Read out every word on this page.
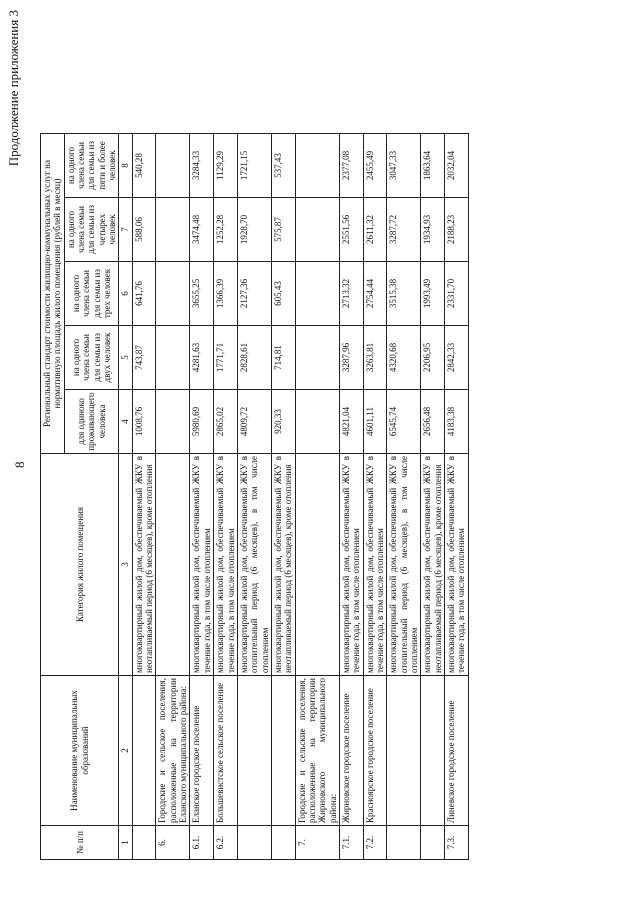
8
Продолжение приложения 3
№ п/п	Наименование муниципальных образований	Категория жилого помещения	Региональный стандарт стоимости жилищно-коммунальных услуг на нормативную площадь жилого помещения (рублей в месяц)				
			для одиноко проживающего человека	на одного члена семьи для семьи из двух человек	на одного члена семьи для семьи из трех человек	на одного члена семьи для семьи из четырех человек	на одного члена семьи для семьи из пяти и более человек
1	2	3	4	5	6	7	8
		многоквартирный жилой дом, обеспечиваемый ЖКУ в неотапливаемый период (6 месяцев), кроме отопления	1008,76	743,87	641,76	588,06	540,28
6.	Городские и сельское поселения, расположенные на территории Еланского муниципального района:						
6.1.	Еланское городское поселение	многоквартирный жилой дом, обеспечиваемый ЖКУ в течение года, в том числе отоплением	5980,69	4281,63	3655,25	3474,48	3284,33
6.2.	Большевистское сельское поселение	многоквартирный жилой дом, обеспечиваемый ЖКУ в течение года, в том числе отоплением	2865,02	1771,71	1366,39	1252,28	1129,29
		многоквартирный жилой дом, обеспечиваемый ЖКУ в отопительный период (6 месяцев), в том числе отоплением	4809,72	2828,61	2127,36	1928,70	1721,15
		многоквартирный жилой дом, обеспечиваемый ЖКУ в неотапливаемый период (6 месяцев), кроме отопления	920,33	714,81	605,43	575,87	537,43
7.	Городские и сельские поселения, расположенные на территории Жирновского муниципального района:						
7.1.	Жирновское городское поселение	многоквартирный жилой дом, обеспечиваемый ЖКУ в течение года, в том числе отоплением	4821,04	3287,96	2713,32	2551,56	2377,08
7.2.	Красноярское городское поселение	многоквартирный жилой дом, обеспечиваемый ЖКУ в течение года, в том числе отоплением	4601,11	3263,81	2754,44	2611,32	2455,49
		многоквартирный жилой дом, обеспечиваемый ЖКУ в отопительный период (6 месяцев), в том числе отоплением	6545,74	4320,68	3515,38	3287,72	3047,33
		многоквартирный жилой дом, обеспечиваемый ЖКУ в неотапливаемый период (6 месяцев), кроме отопления	2656,48	2206,95	1993,49	1934,93	1863,64
7.3.	Линевское городское поселение	многоквартирный жилой дом, обеспечиваемый ЖКУ в течение года, в том числе отоплением	4183,38	2842,33	2331,70	2188,23	2032,04
